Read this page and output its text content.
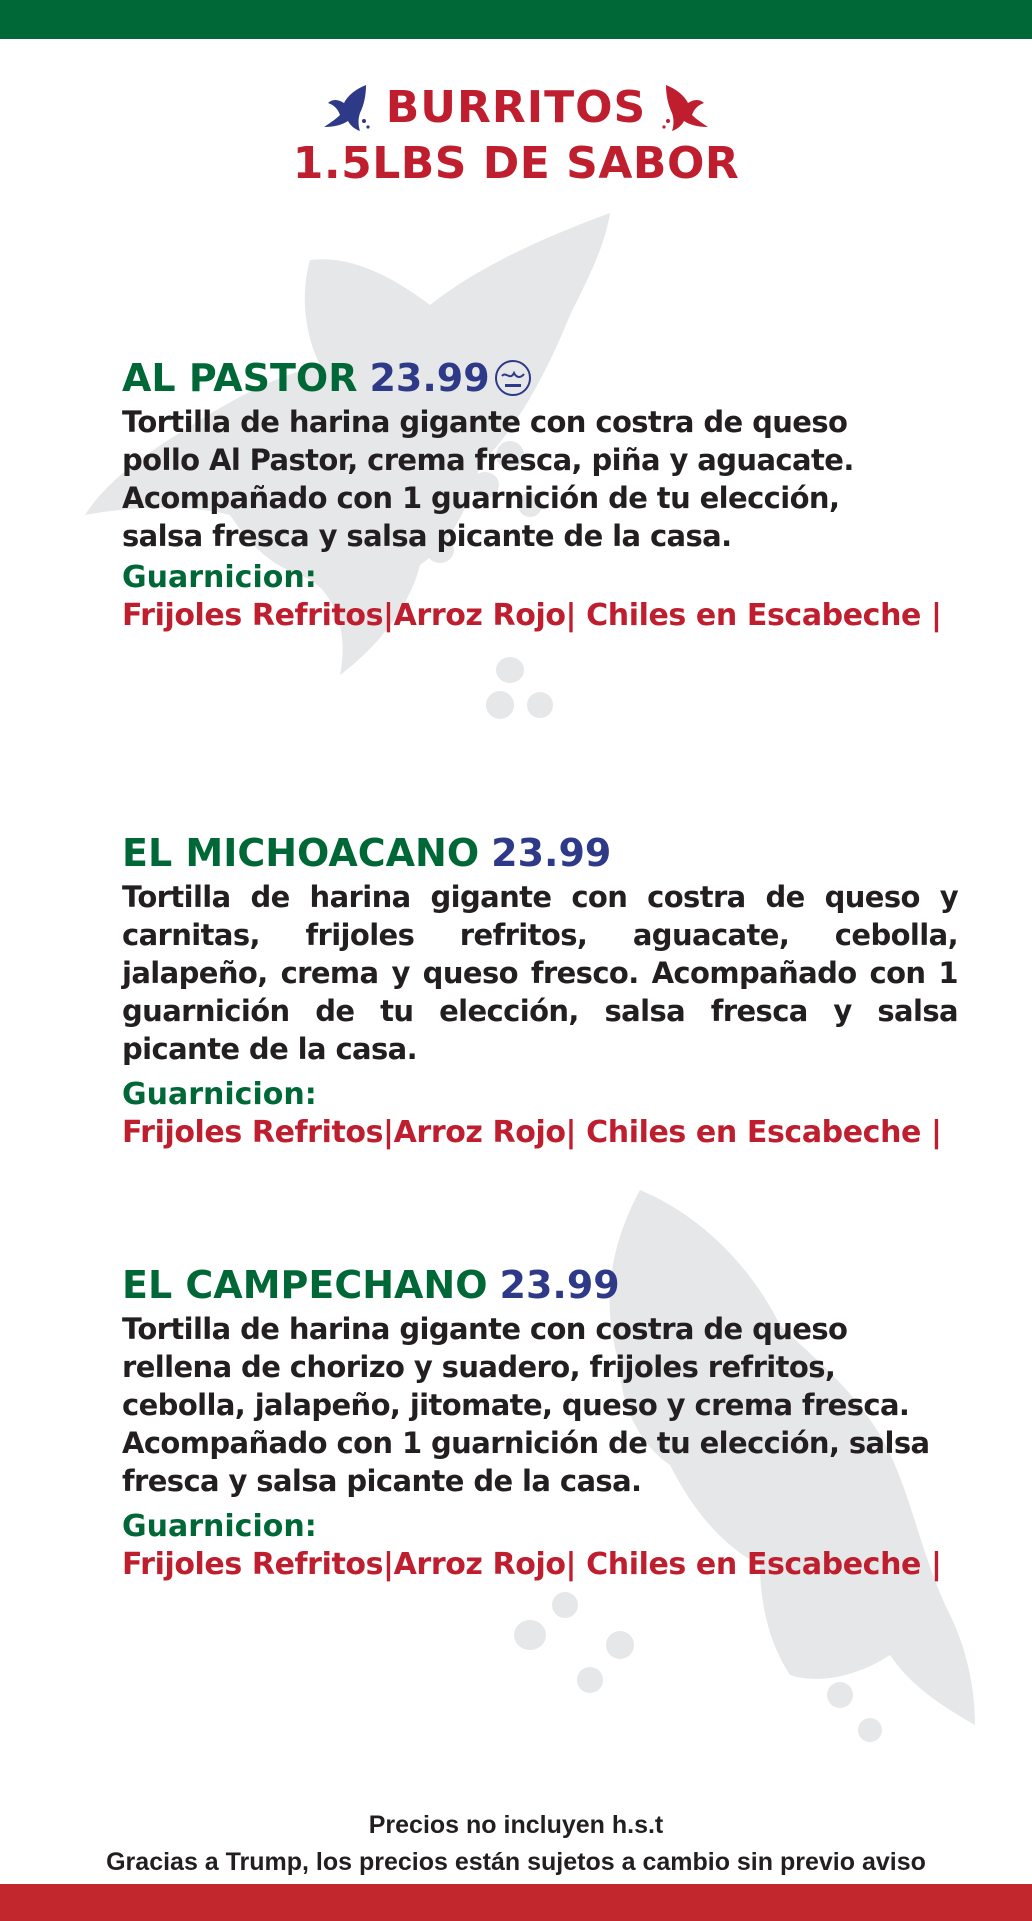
BURRITOS
1.5LBS DE SABOR
AL PASTOR 23.99

Tortilla de harina gigante con costra de queso pollo Al Pastor, crema fresca, piña y aguacate. Acompañado con 1 guarnición de tu elección, salsa fresca y salsa picante de la casa.

Guarnicion:
Frijoles Refritos|Arroz Rojo| Chiles en Escabeche |
EL MICHOACANO 23.99

Tortilla de harina gigante con costra de queso y carnitas, frijoles refritos, aguacate, cebolla, jalapeño, crema y queso fresco. Acompañado con 1 guarnición de tu elección, salsa fresca y salsa picante de la casa.

Guarnicion:
Frijoles Refritos|Arroz Rojo| Chiles en Escabeche |
EL CAMPECHANO 23.99

Tortilla de harina gigante con costra de queso rellena de chorizo y suadero, frijoles refritos, cebolla, jalapeño, jitomate, queso y crema fresca. Acompañado con 1 guarnición de tu elección, salsa fresca y salsa picante de la casa.

Guarnicion:
Frijoles Refritos|Arroz Rojo| Chiles en Escabeche |
Precios no incluyen h.s.t
Gracias a Trump, los precios están sujetos a cambio sin previo aviso
